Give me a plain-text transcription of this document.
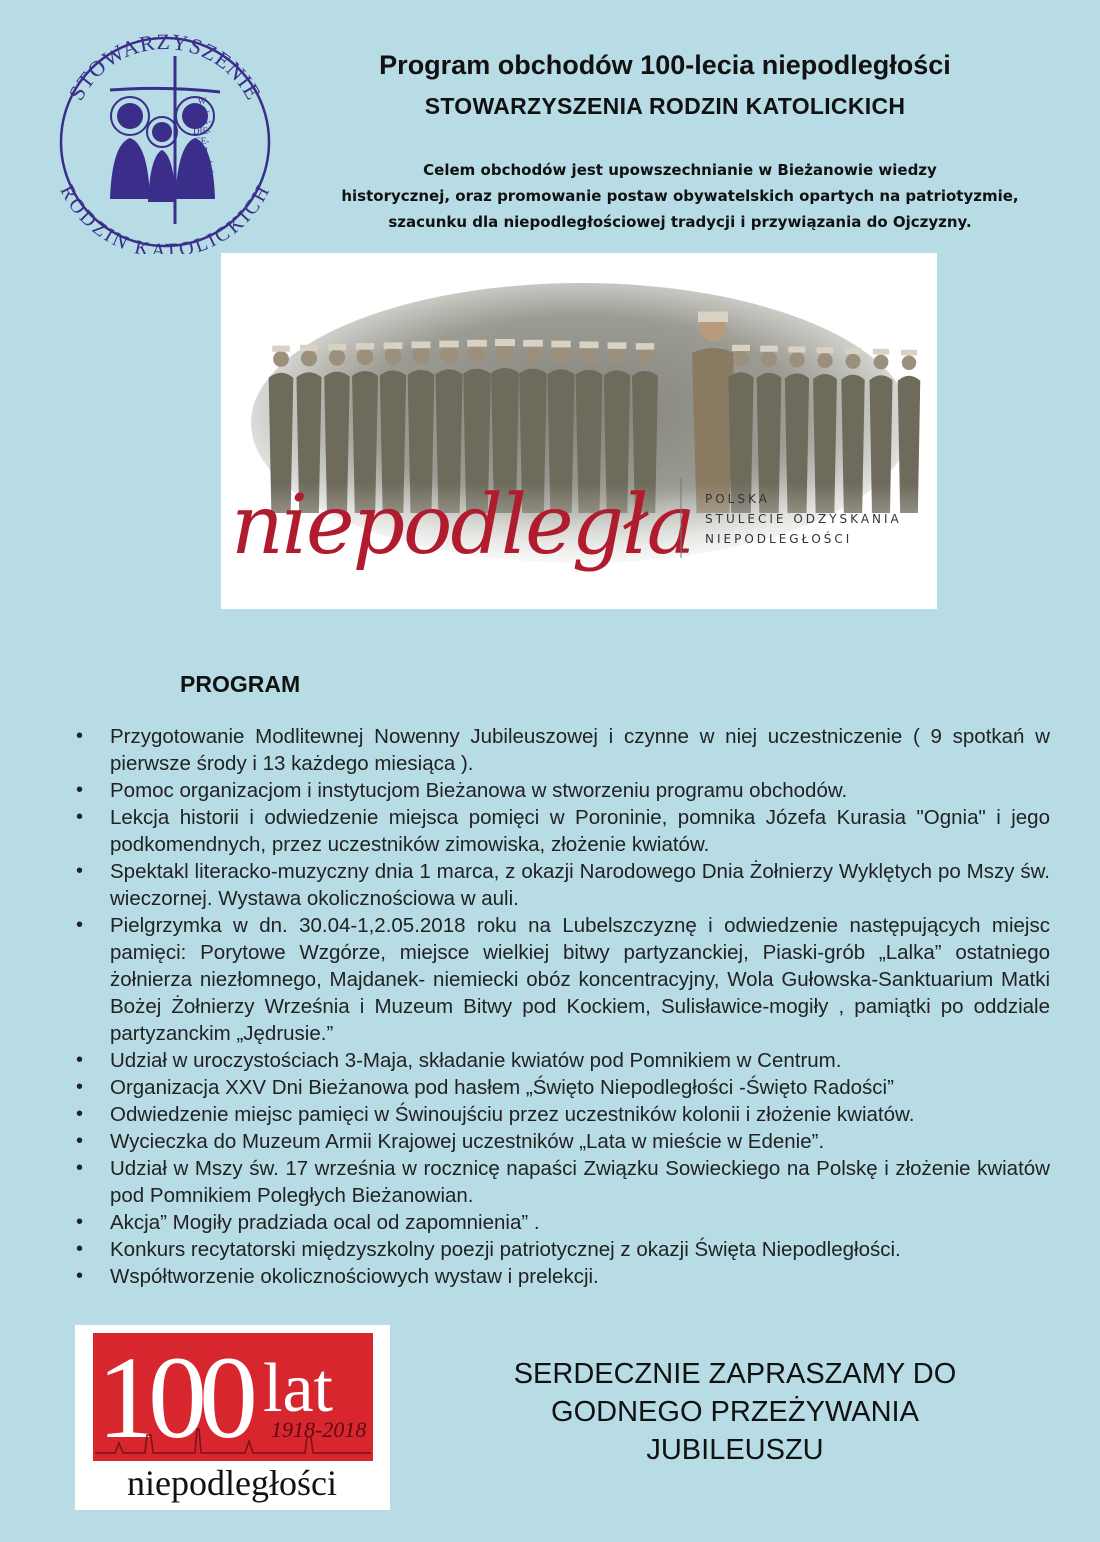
STOWARZYSZENIE
RODZIN KATOLICKICH
W
AR-
CHI-
DIE-
CE-
ZJI
KRA-
KOW-
SKI-
EJ
Program obchodów 100-lecia niepodległości
STOWARZYSZENIA RODZIN KATOLICKICH
Celem obchodów jest upowszechnianie w Bieżanowie wiedzy
historycznej, oraz promowanie postaw obywatelskich opartych na patriotyzmie,
szacunku dla niepodległościowej tradycji i przywiązania do Ojczyzny.
niepodległa POLSKA
STULECIE ODZYSKANIA
NIEPODLEGŁOŚCI
PROGRAM
• Przygotowanie Modlitewnej Nowenny Jubileuszowej i czynne w niej uczestniczenie ( 9 spotkań w pierwsze środy i 13 każdego miesiąca ).
• Pomoc organizacjom i instytucjom Bieżanowa w stworzeniu programu obchodów.
• Lekcja historii i odwiedzenie miejsca pomięci w Poroninie, pomnika Józefa Kurasia "Ognia" i jego podkomendnych, przez uczestników zimowiska, złożenie kwiatów.
• Spektakl literacko-muzyczny dnia 1 marca, z okazji Narodowego Dnia Żołnierzy Wyklętych po Mszy św. wieczornej. Wystawa okolicznościowa w auli.
• Pielgrzymka w dn. 30.04-1,2.05.2018 roku na Lubelszczyznę i odwiedzenie następujących miejsc pamięci: Porytowe Wzgórze, miejsce wielkiej bitwy partyzanckiej, Piaski-grób „Lalka” ostatniego żołnierza niezłomnego, Majdanek- niemiecki obóz koncentracyjny, Wola Gułowska-Sanktuarium Matki Bożej Żołnierzy Września i Muzeum Bitwy pod Kockiem, Sulisławice-mogiły , pamiątki po oddziale partyzanckim „Jędrusie.”
• Udział w uroczystościach 3-Maja, składanie kwiatów pod Pomnikiem w Centrum.
• Organizacja XXV Dni Bieżanowa pod hasłem „Święto Niepodległości -Święto Radości”
• Odwiedzenie miejsc pamięci w Świnoujściu przez uczestników kolonii i złożenie kwiatów.
• Wycieczka do Muzeum Armii Krajowej uczestników „Lata w mieście w Edenie”.
• Udział w Mszy św. 17 września w rocznicę napaści Związku Sowieckiego na Polskę i złożenie kwiatów pod Pomnikiem Poległych Bieżanowian.
• Akcja” Mogiły pradziada ocal od zapomnienia” .
• Konkurs recytatorski międzyszkolny poezji patriotycznej z okazji Święta Niepodległości.
• Współtworzenie okolicznościowych wystaw i prelekcji.
100 lat
1918-2018
niepodległości
SERDECZNIE ZAPRASZAMY DO
GODNEGO PRZEŻYWANIA
JUBILEUSZU
